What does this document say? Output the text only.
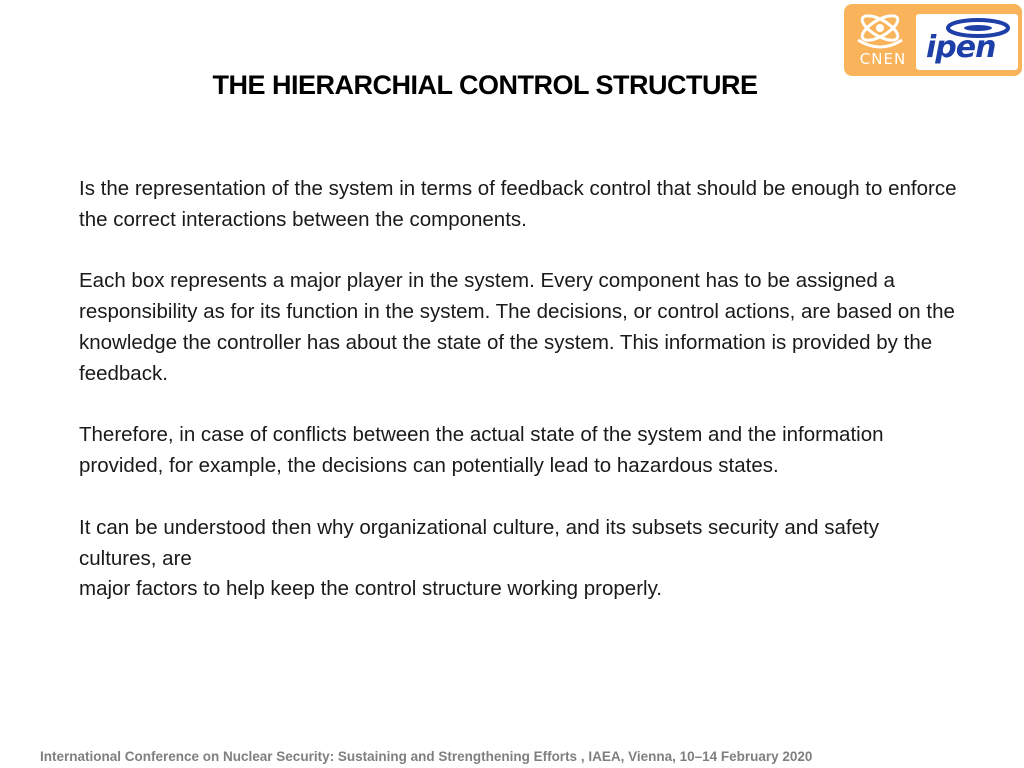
CNEN ipen
THE HIERARCHIAL CONTROL STRUCTURE

Is the representation of the system in terms of feedback control that should be enough to enforce the correct interactions between the components.

Each box represents a major player in the system. Every component has to be assigned a responsibility as for its function in the system. The decisions, or control actions, are based on the knowledge the controller has about the state of the system. This information is provided by the feedback.

Therefore, in case of conflicts between the actual state of the system and the information provided, for example, the decisions can potentially lead to hazardous states.

It can be understood then why organizational culture, and its subsets security and safety cultures, are
major factors to help keep the control structure working properly.

International Conference on Nuclear Security: Sustaining and Strengthening Efforts , IAEA, Vienna, 10–14 February 2020
